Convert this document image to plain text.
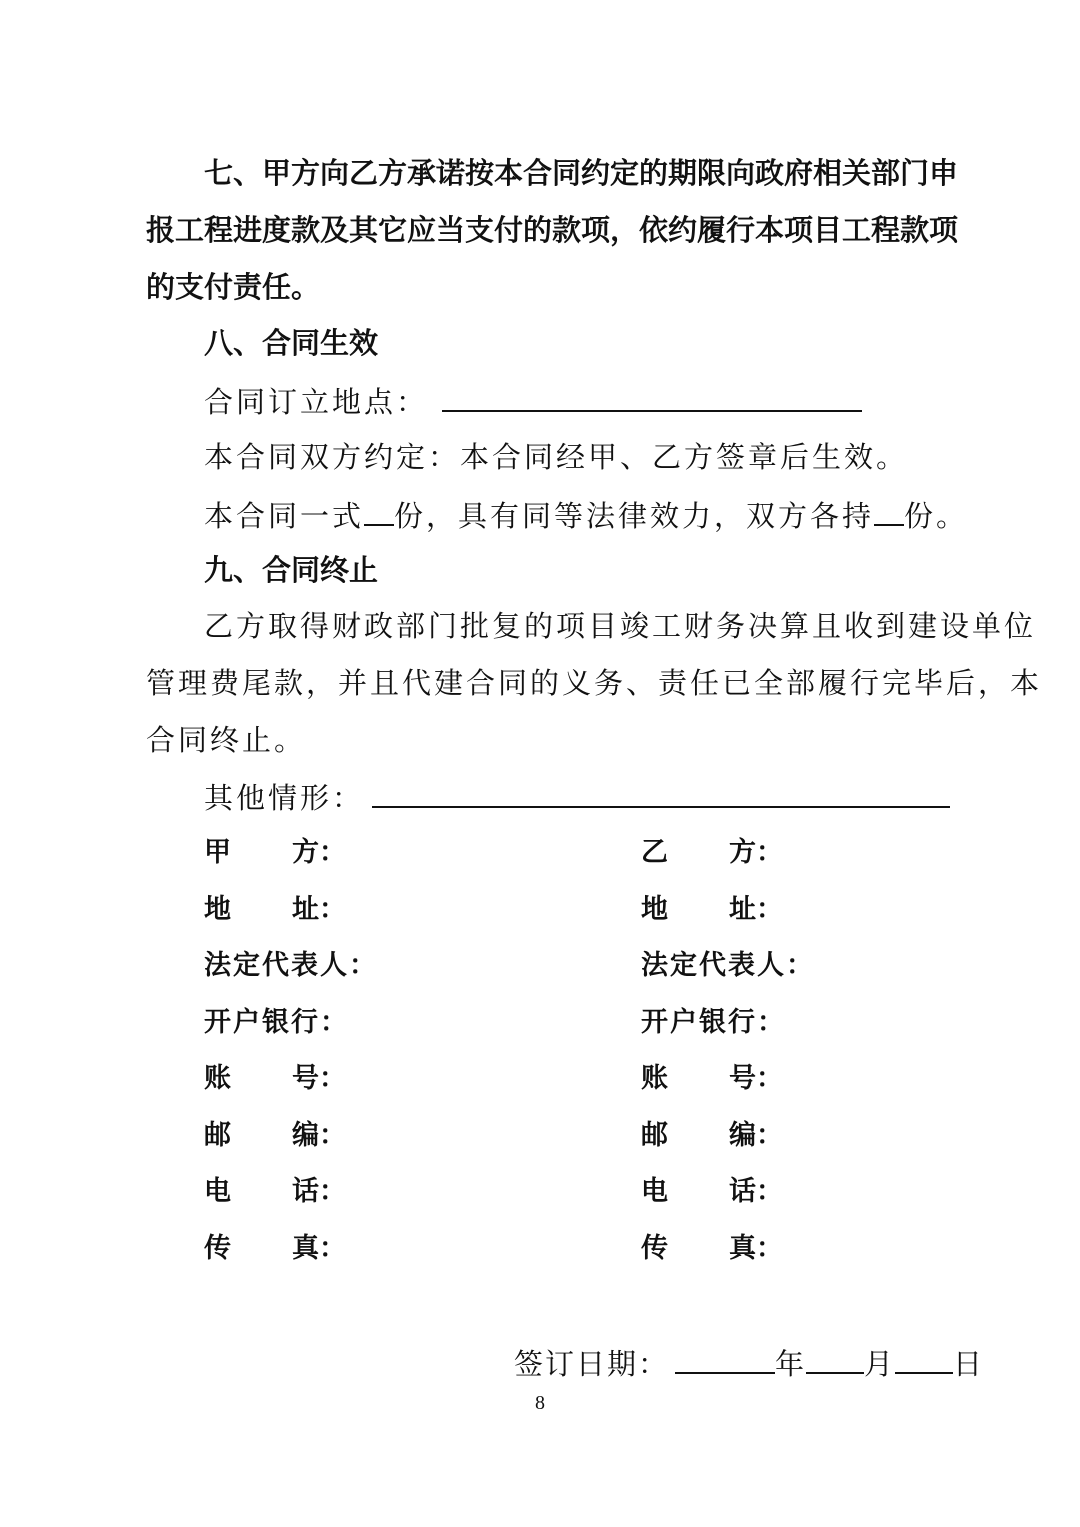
七、甲方向乙方承诺按本合同约定的期限向政府相关部门申
报工程进度款及其它应当支付的款项，依约履行本项目工程款项
的支付责任。
八、合同生效
合同订立地点：
本合同双方约定：本合同经甲、乙方签章后生效。
本合同一式 份，具有同等法律效力，双方各持 份。
九、合同终止
乙方取得财政部门批复的项目竣工财务决算且收到建设单位
管理费尾款，并且代建合同的义务、责任已全部履行完毕后，本
合同终止。
其他情形：
甲 方：
地 址：
法定代表人：
开户银行：
账 号：
邮 编：
电 话：
传 真：
乙 方：
地 址：
法定代表人：
开户银行：
账 号：
邮 编：
电 话：
传 真：
签订日期：	年 月 日
8
